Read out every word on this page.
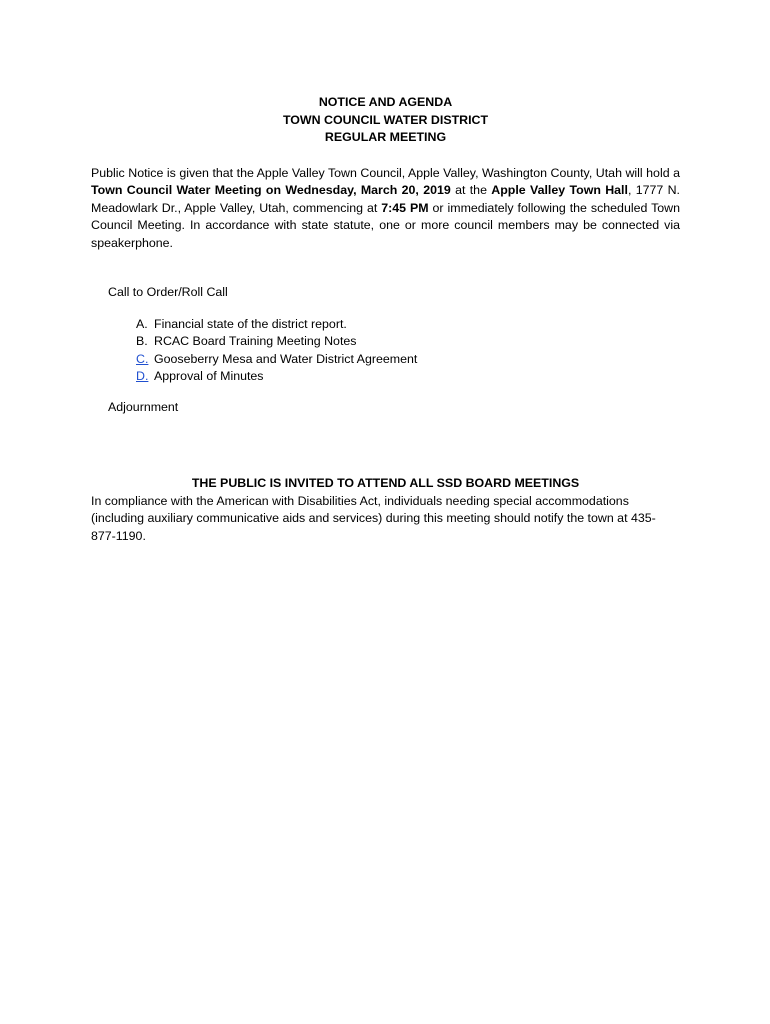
NOTICE AND AGENDA
TOWN COUNCIL WATER DISTRICT
REGULAR MEETING
Public Notice is given that the Apple Valley Town Council, Apple Valley, Washington County, Utah will hold a Town Council Water Meeting on Wednesday, March 20, 2019 at the Apple Valley Town Hall, 1777 N. Meadowlark Dr., Apple Valley, Utah, commencing at 7:45 PM or immediately following the scheduled Town Council Meeting. In accordance with state statute, one or more council members may be connected via speakerphone.
Call to Order/Roll Call
A. Financial state of the district report.
B. RCAC Board Training Meeting Notes
C. Gooseberry Mesa and Water District Agreement
D. Approval of Minutes
Adjournment
THE PUBLIC IS INVITED TO ATTEND ALL SSD BOARD MEETINGS
In compliance with the American with Disabilities Act, individuals needing special accommodations (including auxiliary communicative aids and services) during this meeting should notify the town at 435-877-1190.
